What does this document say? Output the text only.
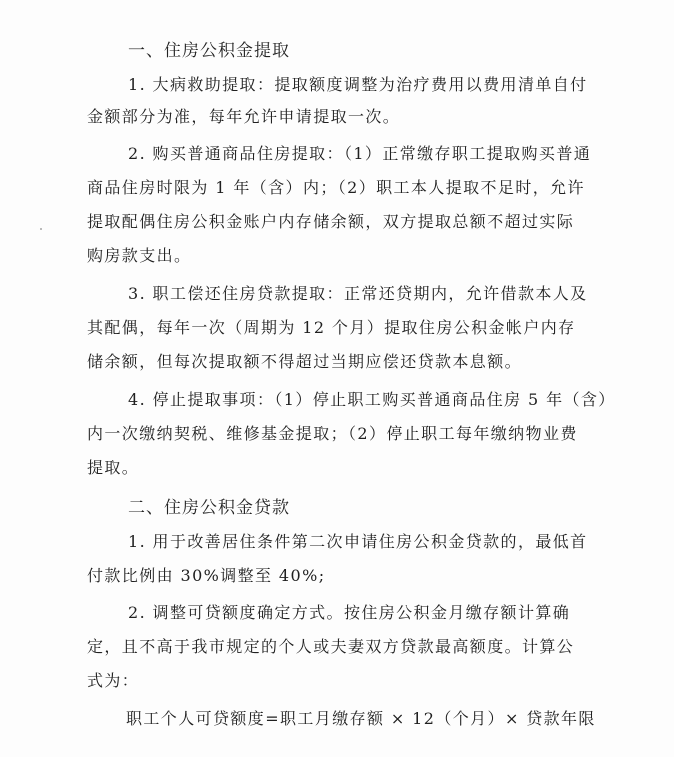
一、住房公积金提取
1. 大病救助提取：提取额度调整为治疗费用以费用清单自付
金额部分为准，每年允许申请提取一次。
2. 购买普通商品住房提取：（1）正常缴存职工提取购买普通
商品住房时限为 1 年（含）内；（2）职工本人提取不足时，允许
提取配偶住房公积金账户内存储余额，双方提取总额不超过实际
购房款支出。
3. 职工偿还住房贷款提取：正常还贷期内，允许借款本人及
其配偶，每年一次（周期为 12 个月）提取住房公积金帐户内存
储余额，但每次提取额不得超过当期应偿还贷款本息额。
4. 停止提取事项：（1）停止职工购买普通商品住房 5 年（含）
内一次缴纳契税、维修基金提取；（2）停止职工每年缴纳物业费
提取。
二、住房公积金贷款
1. 用于改善居住条件第二次申请住房公积金贷款的，最低首
付款比例由 30%调整至 40%;
2. 调整可贷额度确定方式。按住房公积金月缴存额计算确
定，且不高于我市规定的个人或夫妻双方贷款最高额度。计算公
式为：
职工个人可贷额度=职工月缴存额 × 12（个月）× 贷款年限
